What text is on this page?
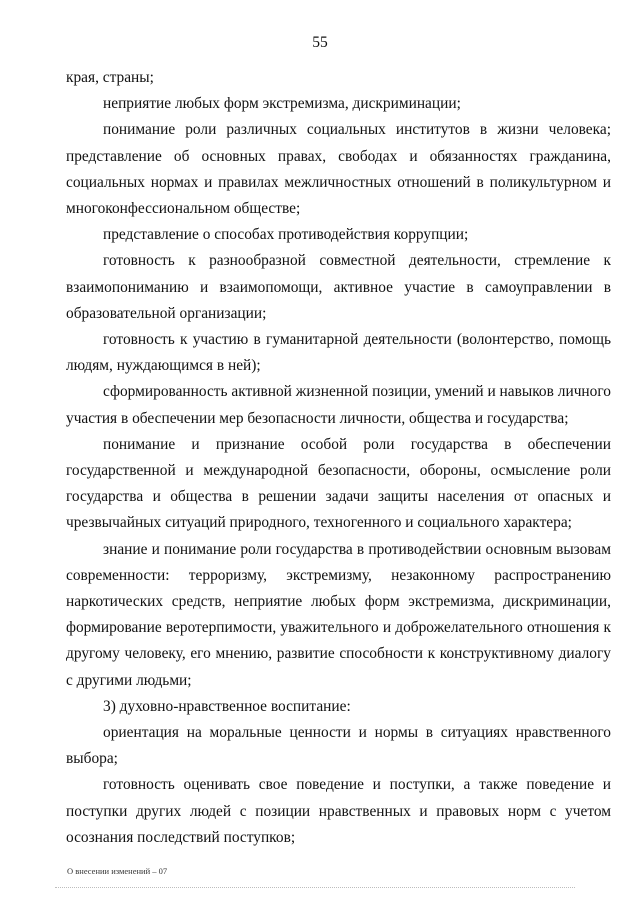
55

края, страны;

неприятие любых форм экстремизма, дискриминации;

понимание роли различных социальных институтов в жизни человека; представление об основных правах, свободах и обязанностях гражданина, социальных нормах и правилах межличностных отношений в поликультурном и многоконфессиональном обществе;

представление о способах противодействия коррупции;

готовность к разнообразной совместной деятельности, стремление к взаимопониманию и взаимопомощи, активное участие в самоуправлении в образовательной организации;

готовность к участию в гуманитарной деятельности (волонтерство, помощь людям, нуждающимся в ней);

сформированность активной жизненной позиции, умений и навыков личного участия в обеспечении мер безопасности личности, общества и государства;

понимание и признание особой роли государства в обеспечении государственной и международной безопасности, обороны, осмысление роли государства и общества в решении задачи защиты населения от опасных и чрезвычайных ситуаций природного, техногенного и социального характера;

знание и понимание роли государства в противодействии основным вызовам современности: терроризму, экстремизму, незаконному распространению наркотических средств, неприятие любых форм экстремизма, дискриминации, формирование веротерпимости, уважительного и доброжелательного отношения к другому человеку, его мнению, развитие способности к конструктивному диалогу с другими людьми;

3) духовно-нравственное воспитание:

ориентация на моральные ценности и нормы в ситуациях нравственного выбора;

готовность оценивать свое поведение и поступки, а также поведение и поступки других людей с позиции нравственных и правовых норм с учетом осознания последствий поступков;

О внесении изменений – 07
